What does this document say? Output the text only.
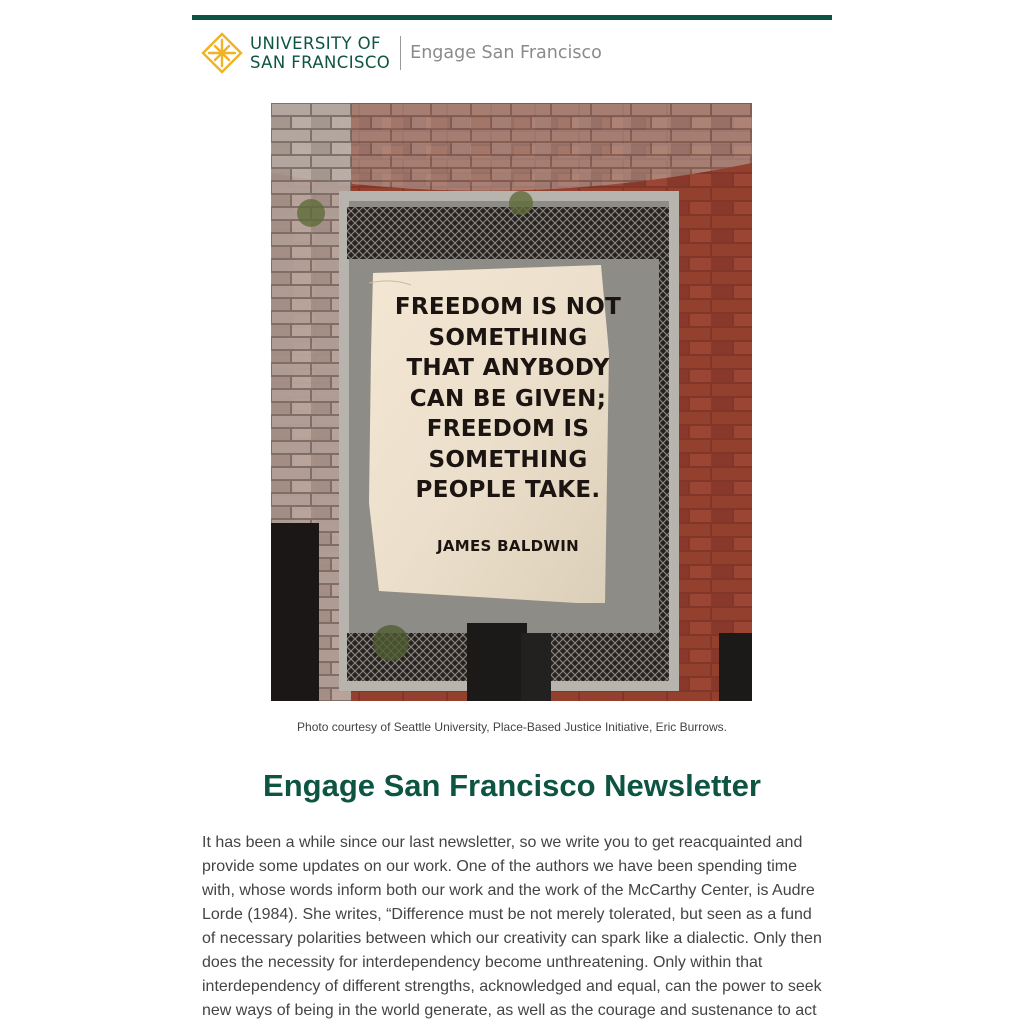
UNIVERSITY OF
SAN FRANCISCO Engage San Francisco
FREEDOM IS NOT
SOMETHING
THAT ANYBODY
CAN BE GIVEN;
FREEDOM IS
SOMETHING
PEOPLE TAKE.
JAMES BALDWIN
Photo courtesy of Seattle University, Place-Based Justice Initiative, Eric Burrows.
Engage San Francisco Newsletter

It has been a while since our last newsletter, so we write you to get reacquainted and provide some updates on our work. One of the authors we have been spending time with, whose words inform both our work and the work of the McCarthy Center, is Audre Lorde (1984). She writes, “Difference must be not merely tolerated, but seen as a fund of necessary polarities between which our creativity can spark like a dialectic. Only then does the necessity for interdependency become unthreatening. Only within that interdependency of different strengths, acknowledged and equal, can the power to seek new ways of being in the world generate, as well as the courage and sustenance to act
